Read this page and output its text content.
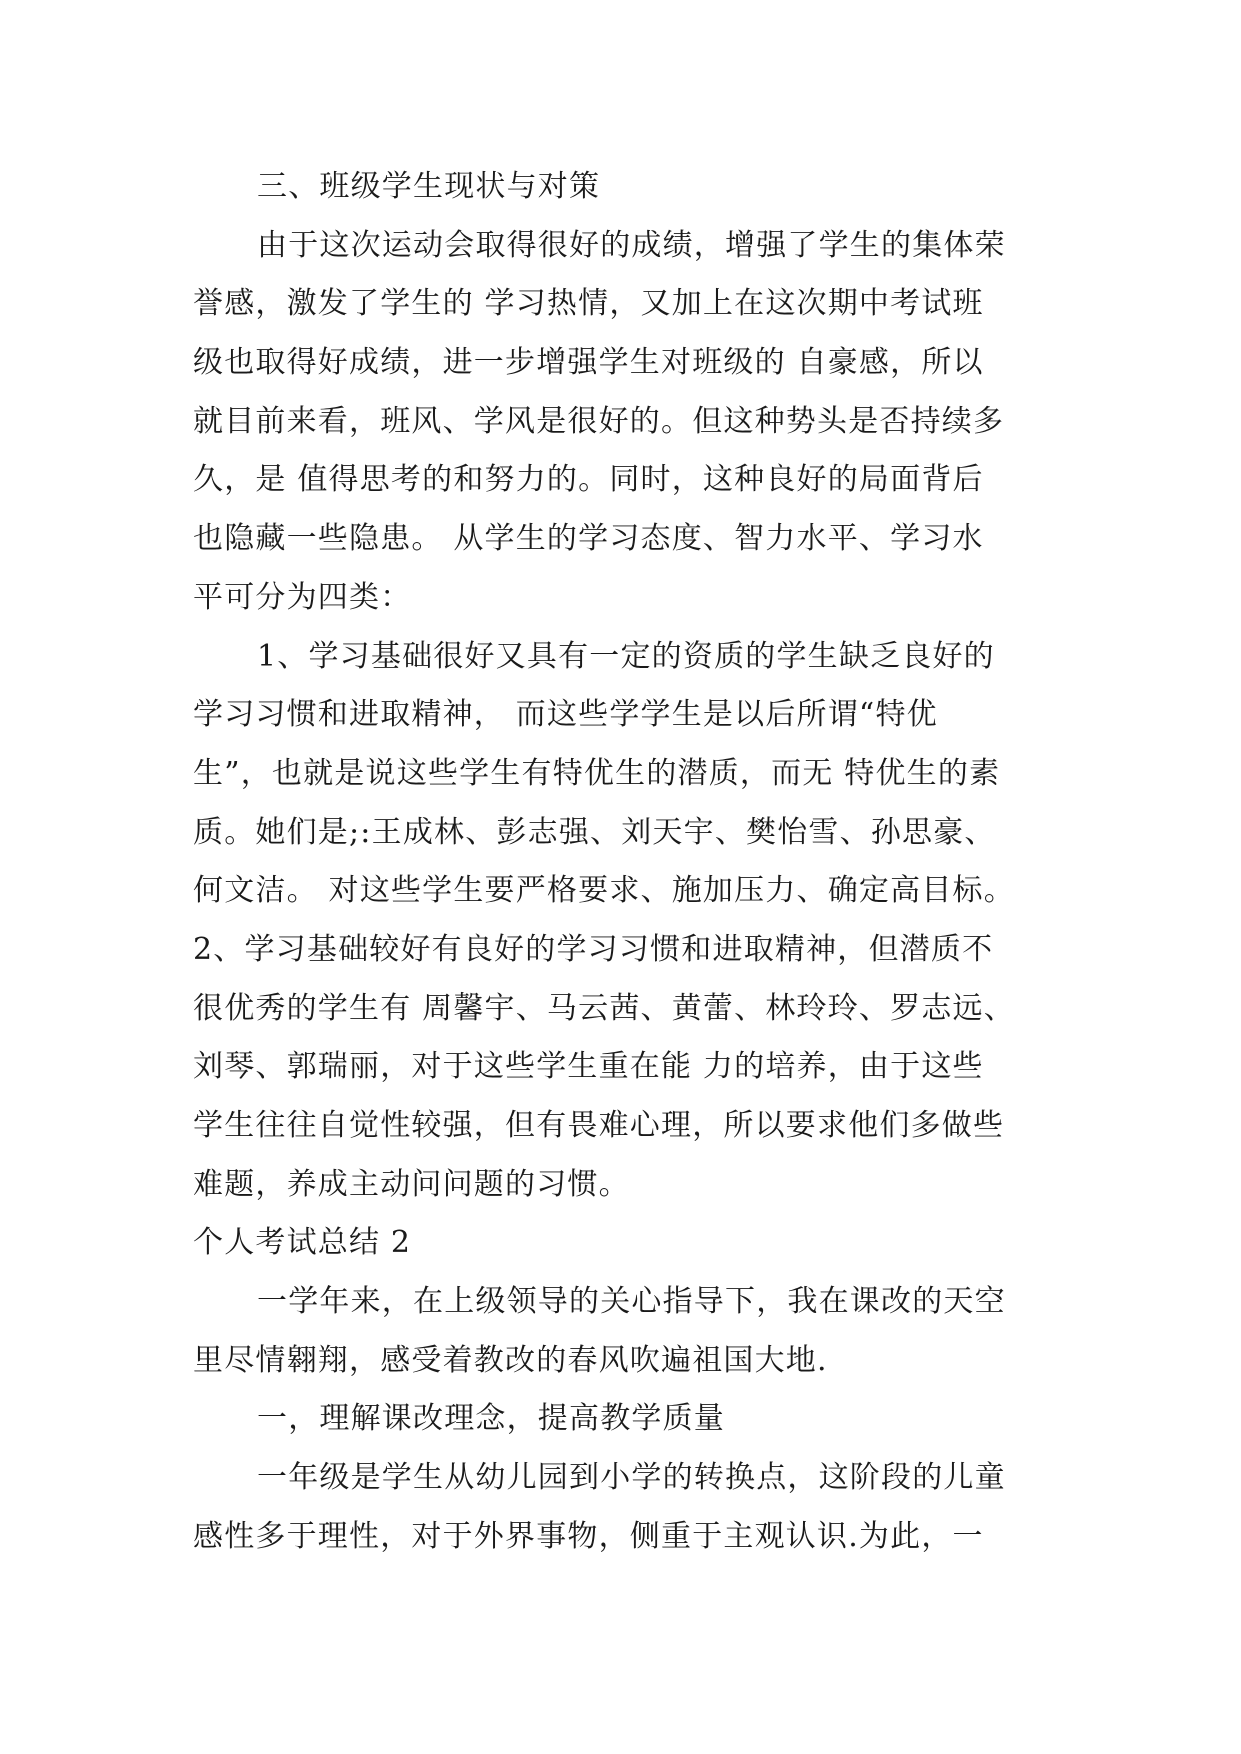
三、班级学生现状与对策
由于这次运动会取得很好的成绩，增强了学生的集体荣
誉感，激发了学生的 学习热情，又加上在这次期中考试班
级也取得好成绩，进一步增强学生对班级的 自豪感，所以
就目前来看，班风、学风是很好的。但这种势头是否持续多
久，是 值得思考的和努力的。同时，这种良好的局面背后
也隐藏一些隐患。 从学生的学习态度、智力水平、学习水
平可分为四类：
1、学习基础很好又具有一定的资质的学生缺乏良好的
学习习惯和进取精神， 而这些学学生是以后所谓“特优
生”，也就是说这些学生有特优生的潜质，而无 特优生的素
质。她们是;:王成林、彭志强、刘天宇、樊怡雪、孙思豪、
何文洁。 对这些学生要严格要求、施加压力、确定高目标。
2、学习基础较好有良好的学习习惯和进取精神，但潜质不
很优秀的学生有 周馨宇、马云茜、黄蕾、林玲玲、罗志远、
刘琴、郭瑞丽，对于这些学生重在能 力的培养，由于这些
学生往往自觉性较强，但有畏难心理，所以要求他们多做些
难题，养成主动问问题的习惯。
个人考试总结 2
一学年来，在上级领导的关心指导下，我在课改的天空
里尽情翱翔，感受着教改的春风吹遍祖国大地.
一，理解课改理念，提高教学质量
一年级是学生从幼儿园到小学的转换点，这阶段的儿童
感性多于理性，对于外界事物，侧重于主观认识.为此，一
